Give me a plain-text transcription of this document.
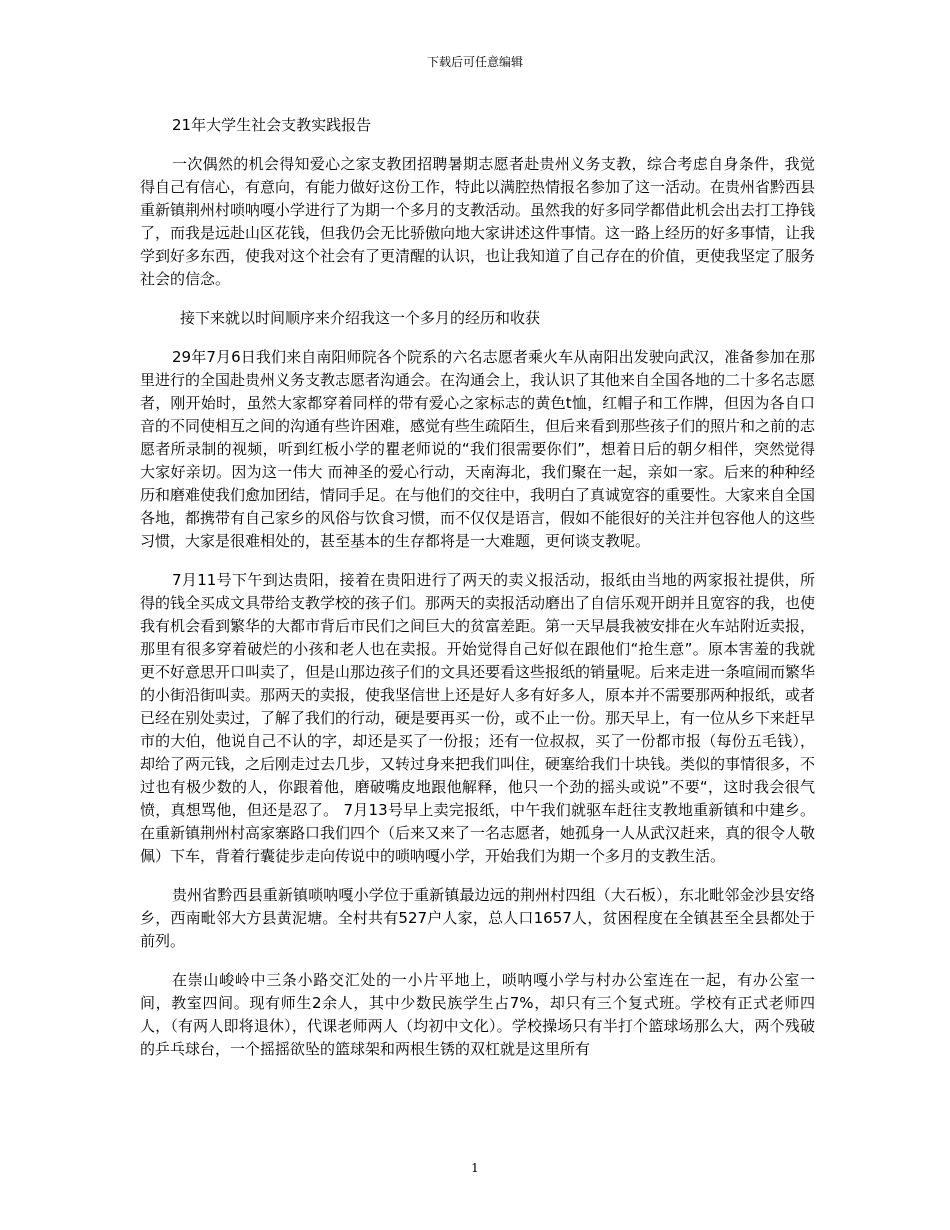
下载后可任意编辑
21年大学生社会支教实践报告

一次偶然的机会得知爱心之家支教团招聘暑期志愿者赴贵州义务支教，综合考虑自身条件，我觉得自己有信心，有意向，有能力做好这份工作，特此以满腔热情报名参加了这一活动。在贵州省黔西县重新镇荆州村唢呐嘎小学进行了为期一个多月的支教活动。虽然我的好多同学都借此机会出去打工挣钱了，而我是远赴山区花钱，但我仍会无比骄傲向地大家讲述这件事情。这一路上经历的好多事情，让我学到好多东西，使我对这个社会有了更清醒的认识，也让我知道了自己存在的价值，更使我坚定了服务社会的信念。

接下来就以时间顺序来介绍我这一个多月的经历和收获

29年7月6日我们来自南阳师院各个院系的六名志愿者乘火车从南阳出发驶向武汉，准备参加在那里进行的全国赴贵州义务支教志愿者沟通会。在沟通会上，我认识了其他来自全国各地的二十多名志愿者，刚开始时，虽然大家都穿着同样的带有爱心之家标志的黄色t恤，红帽子和工作牌，但因为各自口音的不同使相互之间的沟通有些许困难，感觉有些生疏陌生，但后来看到那些孩子们的照片和之前的志愿者所录制的视频，听到红板小学的瞿老师说的“我们很需要你们”，想着日后的朝夕相伴，突然觉得大家好亲切。因为这一伟大 而神圣的爱心行动，天南海北，我们聚在一起，亲如一家。后来的种种经历和磨难使我们愈加团结，情同手足。在与他们的交往中，我明白了真诚宽容的重要性。大家来自全国各地，都携带有自己家乡的风俗与饮食习惯，而不仅仅是语言，假如不能很好的关注并包容他人的这些习惯，大家是很难相处的，甚至基本的生存都将是一大难题，更何谈支教呢。

7月11号下午到达贵阳，接着在贵阳进行了两天的卖义报活动，报纸由当地的两家报社提供，所得的钱全买成文具带给支教学校的孩子们。那两天的卖报活动磨出了自信乐观开朗并且宽容的我，也使我有机会看到繁华的大都市背后市民们之间巨大的贫富差距。第一天早晨我被安排在火车站附近卖报，那里有很多穿着破烂的小孩和老人也在卖报。开始觉得自己好似在跟他们“抢生意”。原本害羞的我就更不好意思开口叫卖了，但是山那边孩子们的文具还要看这些报纸的销量呢。后来走进一条喧闹而繁华的小街沿街叫卖。那两天的卖报，使我坚信世上还是好人多有好多人，原本并不需要那两种报纸，或者已经在别处卖过，了解了我们的行动，硬是要再买一份，或不止一份。那天早上，有一位从乡下来赶早市的大伯，他说自己不认的字，却还是买了一份报；还有一位叔叔，买了一份都市报（每份五毛钱），却给了两元钱，之后刚走过去几步，又转过身来把我们叫住，硬塞给我们十块钱。类似的事情很多，不过也有极少数的人，你跟着他，磨破嘴皮地跟他解释，他只一个劲的摇头或说”不要“，这时我会很气愤，真想骂他，但还是忍了。 7月13号早上卖完报纸，中午我们就驱车赶往支教地重新镇和中建乡。在重新镇荆州村高家寨路口我们四个（后来又来了一名志愿者，她孤身一人从武汉赶来，真的很令人敬佩）下车，背着行囊徒步走向传说中的唢呐嘎小学，开始我们为期一个多月的支教生活。

贵州省黔西县重新镇唢呐嘎小学位于重新镇最边远的荆州村四组（大石板），东北毗邻金沙县安络乡，西南毗邻大方县黄泥塘。全村共有527户人家，总人口1657人，贫困程度在全镇甚至全县都处于前列。

在崇山峻岭中三条小路交汇处的一小片平地上，唢呐嘎小学与村办公室连在一起，有办公室一间，教室四间。现有师生2余人，其中少数民族学生占7%，却只有三个复式班。学校有正式老师四人，（有两人即将退休），代课老师两人（均初中文化）。学校操场只有半打个篮球场那么大，两个残破的乒乓球台，一个摇摇欲坠的篮球架和两根生锈的双杠就是这里所有

1
